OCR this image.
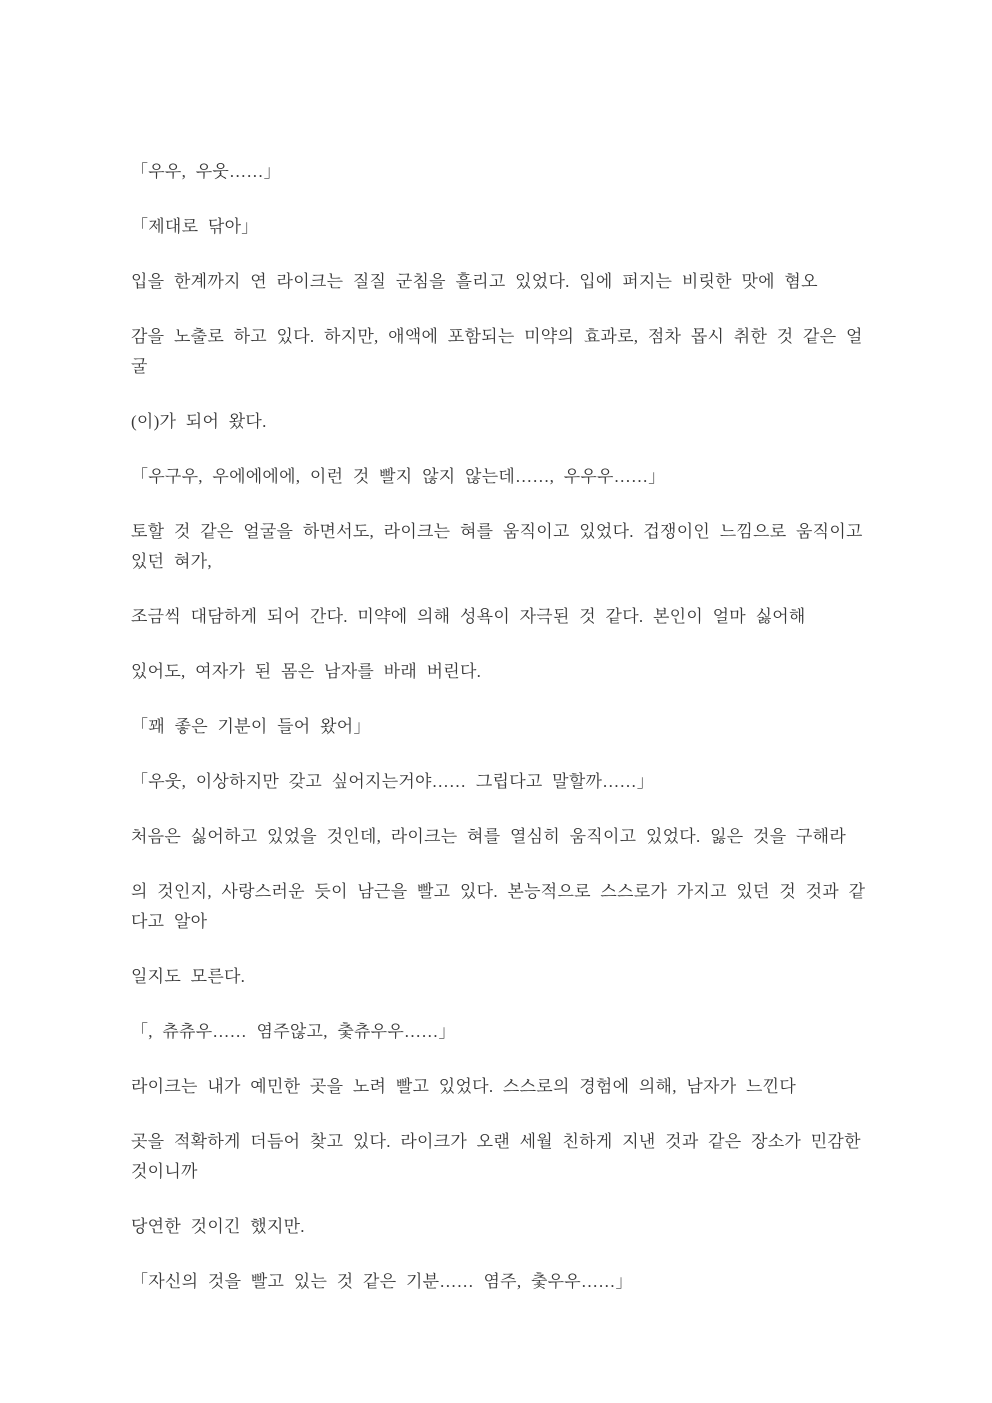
「우우, 우웃……」

「제대로 닦아」

입을 한계까지 연 라이크는 질질 군침을 흘리고 있었다. 입에 퍼지는 비릿한 맛에 혐오

감을 노출로 하고 있다. 하지만, 애액에 포함되는 미약의 효과로, 점차 몹시 취한 것 같은 얼굴

(이)가 되어 왔다.

「우구우, 우에에에에, 이런 것 빨지 않지 않는데……, 우우우……」

토할 것 같은 얼굴을 하면서도, 라이크는 혀를 움직이고 있었다. 겁쟁이인 느낌으로 움직이고 있던 혀가,

조금씩 대담하게 되어 간다. 미약에 의해 성욕이 자극된 것 같다. 본인이 얼마 싫어해

있어도, 여자가 된 몸은 남자를 바래 버린다.

「꽤 좋은 기분이 들어 왔어」

「우웃, 이상하지만 갖고 싶어지는거야…… 그립다고 말할까……」

처음은 싫어하고 있었을 것인데, 라이크는 혀를 열심히 움직이고 있었다. 잃은 것을 구해라

의 것인지, 사랑스러운 듯이 남근을 빨고 있다. 본능적으로 스스로가 가지고 있던 것 것과 같다고 알아

일지도 모른다.

「, 츄츄우…… 염주않고, 춫츄우우……」

라이크는 내가 예민한 곳을 노려 빨고 있었다. 스스로의 경험에 의해, 남자가 느낀다

곳을 적확하게 더듬어 찾고 있다. 라이크가 오랜 세월 친하게 지낸 것과 같은 장소가 민감한 것이니까

당연한 것이긴 했지만.

「자신의 것을 빨고 있는 것 같은 기분…… 염주, 춫우우……」
